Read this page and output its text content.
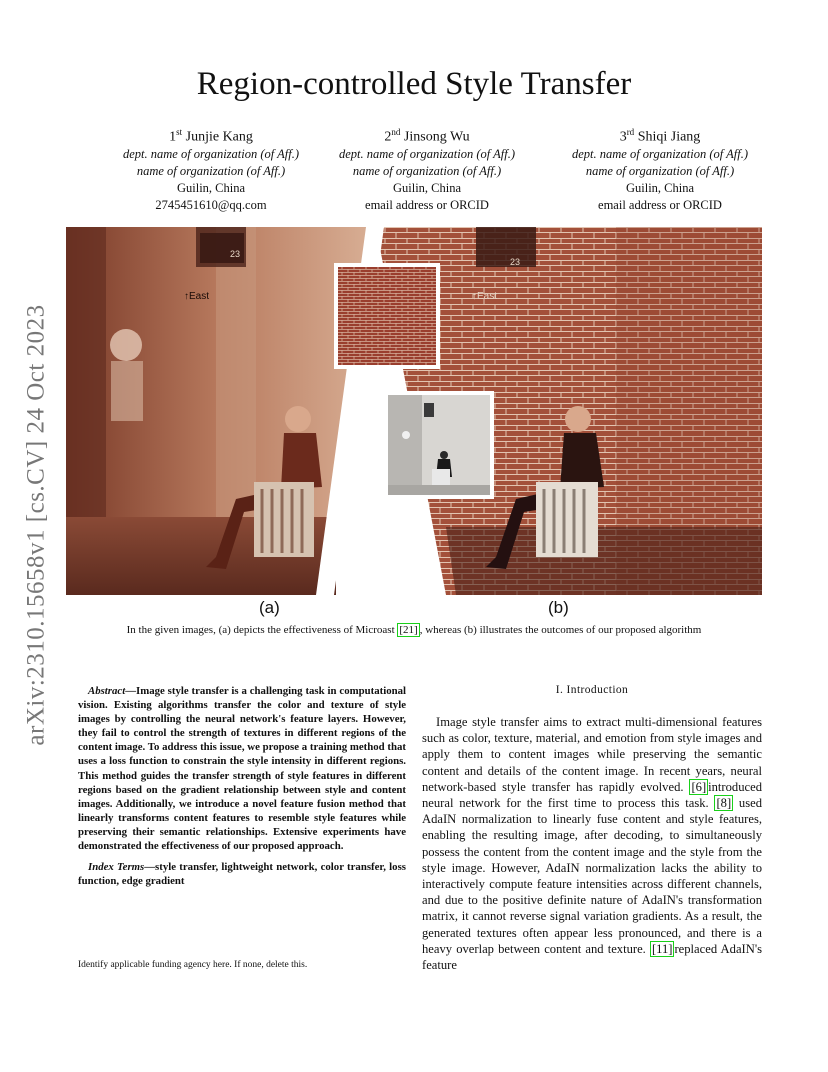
arXiv:2310.15658v1 [cs.CV] 24 Oct 2023
Region-controlled Style Transfer
1st Junjie Kang
dept. name of organization (of Aff.)
name of organization (of Aff.)
Guilin, China
2745451610@qq.com
2nd Jinsong Wu
dept. name of organization (of Aff.)
name of organization (of Aff.)
Guilin, China
email address or ORCID
3rd Shiqi Jiang
dept. name of organization (of Aff.)
name of organization (of Aff.)
Guilin, China
email address or ORCID
23
↑East
23
↑East
(a)	(b)
In the given images, (a) depicts the effectiveness of Microast [21] , whereas (b) illustrates the outcomes of our proposed algorithm

Abstract—Image style transfer is a challenging task in computational vision. Existing algorithms transfer the color and texture of style images by controlling the neural network's feature layers. However, they fail to control the strength of textures in different regions of the content image. To address this issue, we propose a training method that uses a loss function to constrain the style intensity in different regions. This method guides the transfer strength of style features in different regions based on the gradient relationship between style and content images. Additionally, we introduce a novel feature fusion method that linearly transforms content features to resemble style features while preserving their semantic relationships. Extensive experiments have demonstrated the effectiveness of our proposed approach.

Index Terms—style transfer, lightweight network, color transfer, loss function, edge gradient

Identify applicable funding agency here. If none, delete this.
I. Introduction

Image style transfer aims to extract multi-dimensional features such as color, texture, material, and emotion from style images and apply them to content images while preserving the semantic content and details of the content image. In recent years, neural network-based style transfer has rapidly evolved. [6] introduced neural network for the first time to process this task. [8] used AdaIN normalization to linearly fuse content and style features, enabling the resulting image, after decoding, to simultaneously possess the content from the content image and the style from the style image. However, AdaIN normalization lacks the ability to interactively compute feature intensities across different channels, and due to the positive definite nature of AdaIN's transformation matrix, it cannot reverse signal variation gradients. As a result, the generated textures often appear less pronounced, and there is a heavy overlap between content and texture. [11] replaced AdaIN's feature
